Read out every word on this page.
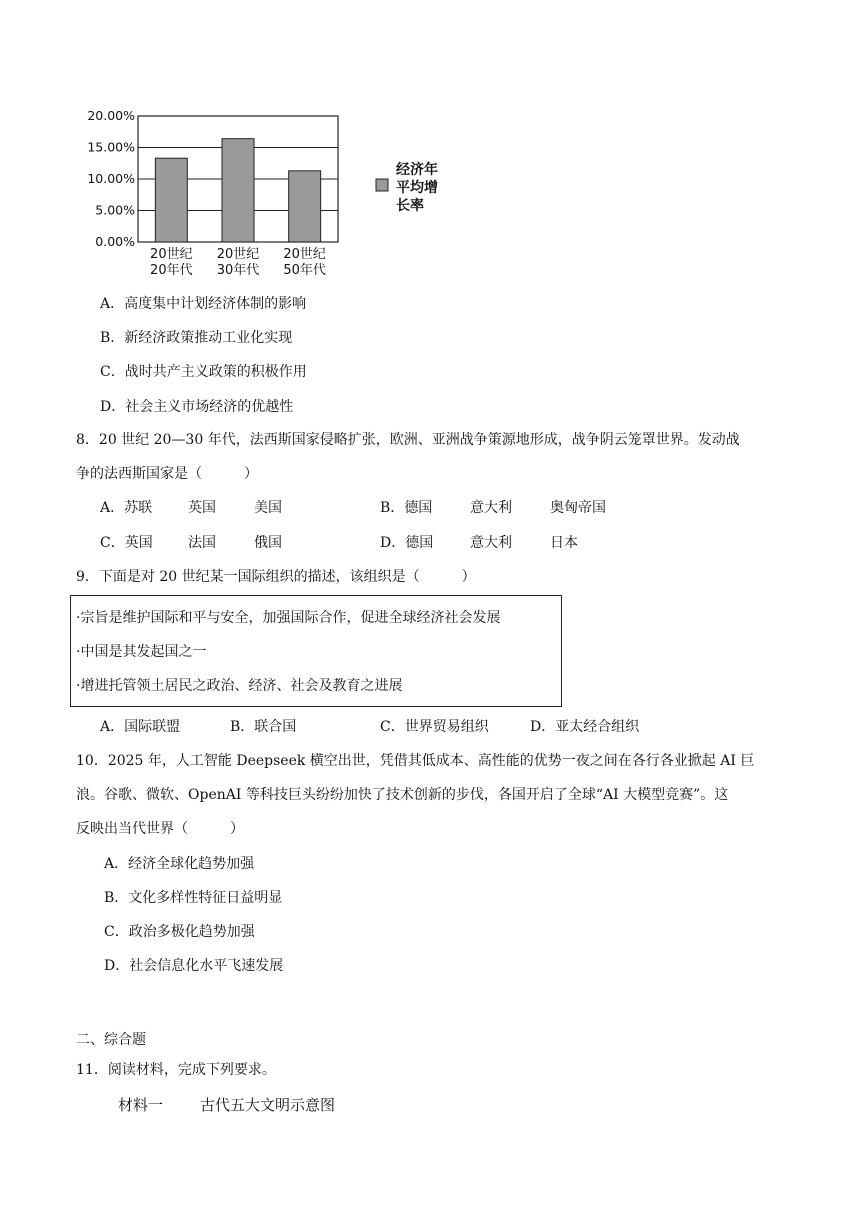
0.00%
5.00%
10.00%
15.00%
20.00%
20世纪
20年代
20世纪
30年代
20世纪
50年代
经济年
平均增
长率
A．高度集中计划经济体制的影响
B．新经济政策推动工业化实现
C．战时共产主义政策的积极作用
D．社会主义市场经济的优越性
8．20 世纪 20—30 年代，法西斯国家侵略扩张，欧洲、亚洲战争策源地形成，战争阴云笼罩世界。发动战
争的法西斯国家是（　　　）
A．苏联	英国	美国	B．德国	意大利	奥匈帝国
C．英国	法国	俄国	D．德国	意大利	日本
9．下面是对 20 世纪某一国际组织的描述，该组织是（　　　）
·宗旨是维护国际和平与安全，加强国际合作，促进全球经济社会发展
·中国是其发起国之一
·增进托管领土居民之政治、经济、社会及教育之进展
A．国际联盟	B．联合国	C．世界贸易组织	D．亚太经合组织
10．2025 年，人工智能 Deepseek 横空出世，凭借其低成本、高性能的优势一夜之间在各行各业掀起 AI 巨
浪。谷歌、微软、OpenAI 等科技巨头纷纷加快了技术创新的步伐，各国开启了全球“AI 大模型竞赛”。这
反映出当代世界（　　　）
A．经济全球化趋势加强
B．文化多样性特征日益明显
C．政治多极化趋势加强
D．社会信息化水平飞速发展
二、综合题
11．阅读材料，完成下列要求。
材料一 古代五大文明示意图
